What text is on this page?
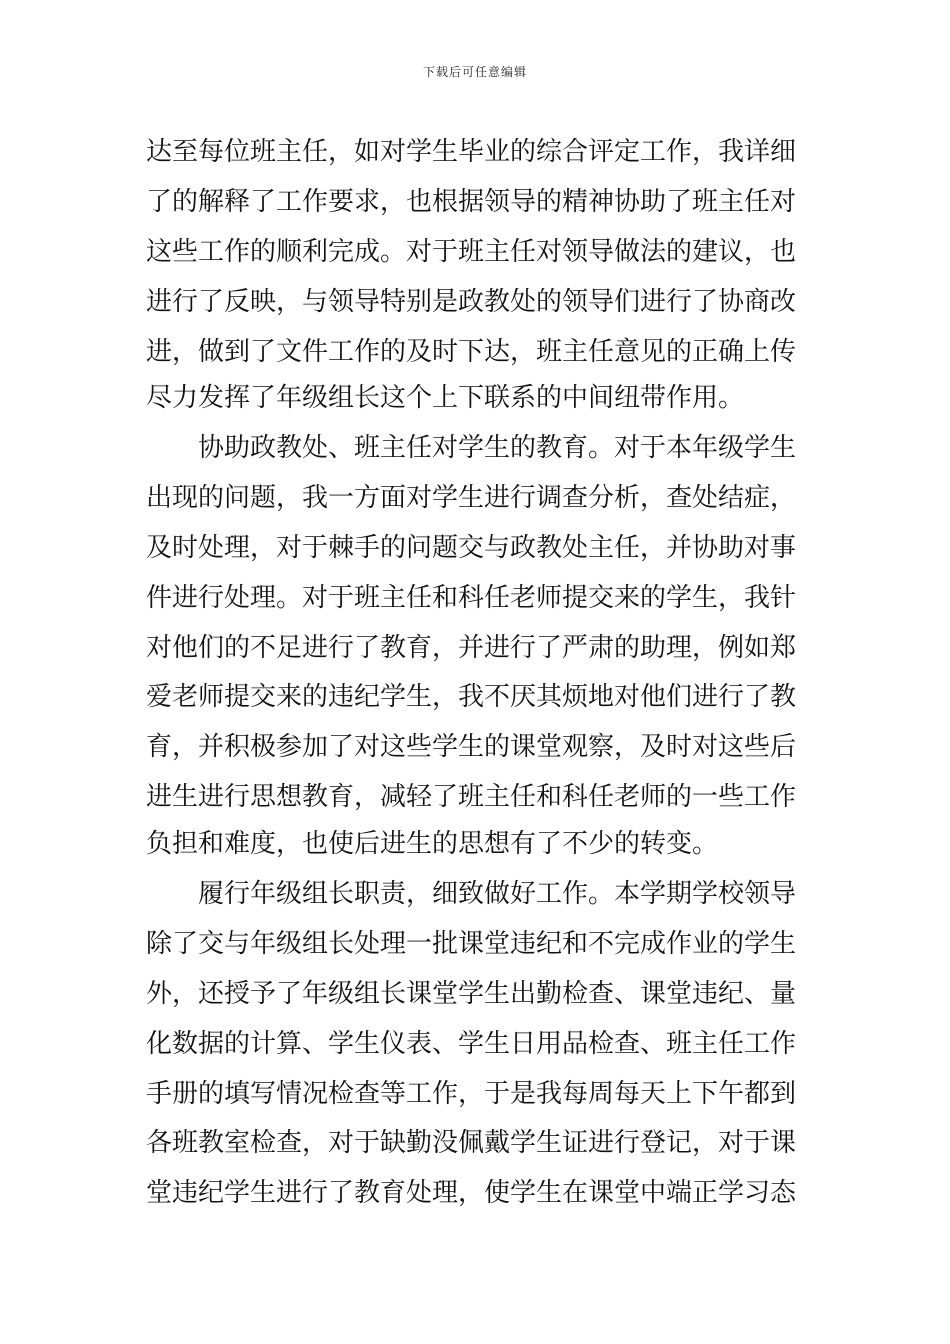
下载后可任意编辑
达至每位班主任，如对学生毕业的综合评定工作，我详细
了的解释了工作要求，也根据领导的精神协助了班主任对
这些工作的顺利完成。对于班主任对领导做法的建议，也
进行了反映，与领导特别是政教处的领导们进行了协商改
进，做到了文件工作的及时下达，班主任意见的正确上传
尽力发挥了年级组长这个上下联系的中间纽带作用。
协助政教处、班主任对学生的教育。对于本年级学生
出现的问题，我一方面对学生进行调查分析，查处结症，
及时处理，对于棘手的问题交与政教处主任，并协助对事
件进行处理。对于班主任和科任老师提交来的学生，我针
对他们的不足进行了教育，并进行了严肃的助理，例如郑
爱老师提交来的违纪学生，我不厌其烦地对他们进行了教
育，并积极参加了对这些学生的课堂观察，及时对这些后
进生进行思想教育，减轻了班主任和科任老师的一些工作
负担和难度，也使后进生的思想有了不少的转变。
履行年级组长职责，细致做好工作。本学期学校领导
除了交与年级组长处理一批课堂违纪和不完成作业的学生
外，还授予了年级组长课堂学生出勤检查、课堂违纪、量
化数据的计算、学生仪表、学生日用品检查、班主任工作
手册的填写情况检查等工作，于是我每周每天上下午都到
各班教室检查，对于缺勤没佩戴学生证进行登记，对于课
堂违纪学生进行了教育处理，使学生在课堂中端正学习态
